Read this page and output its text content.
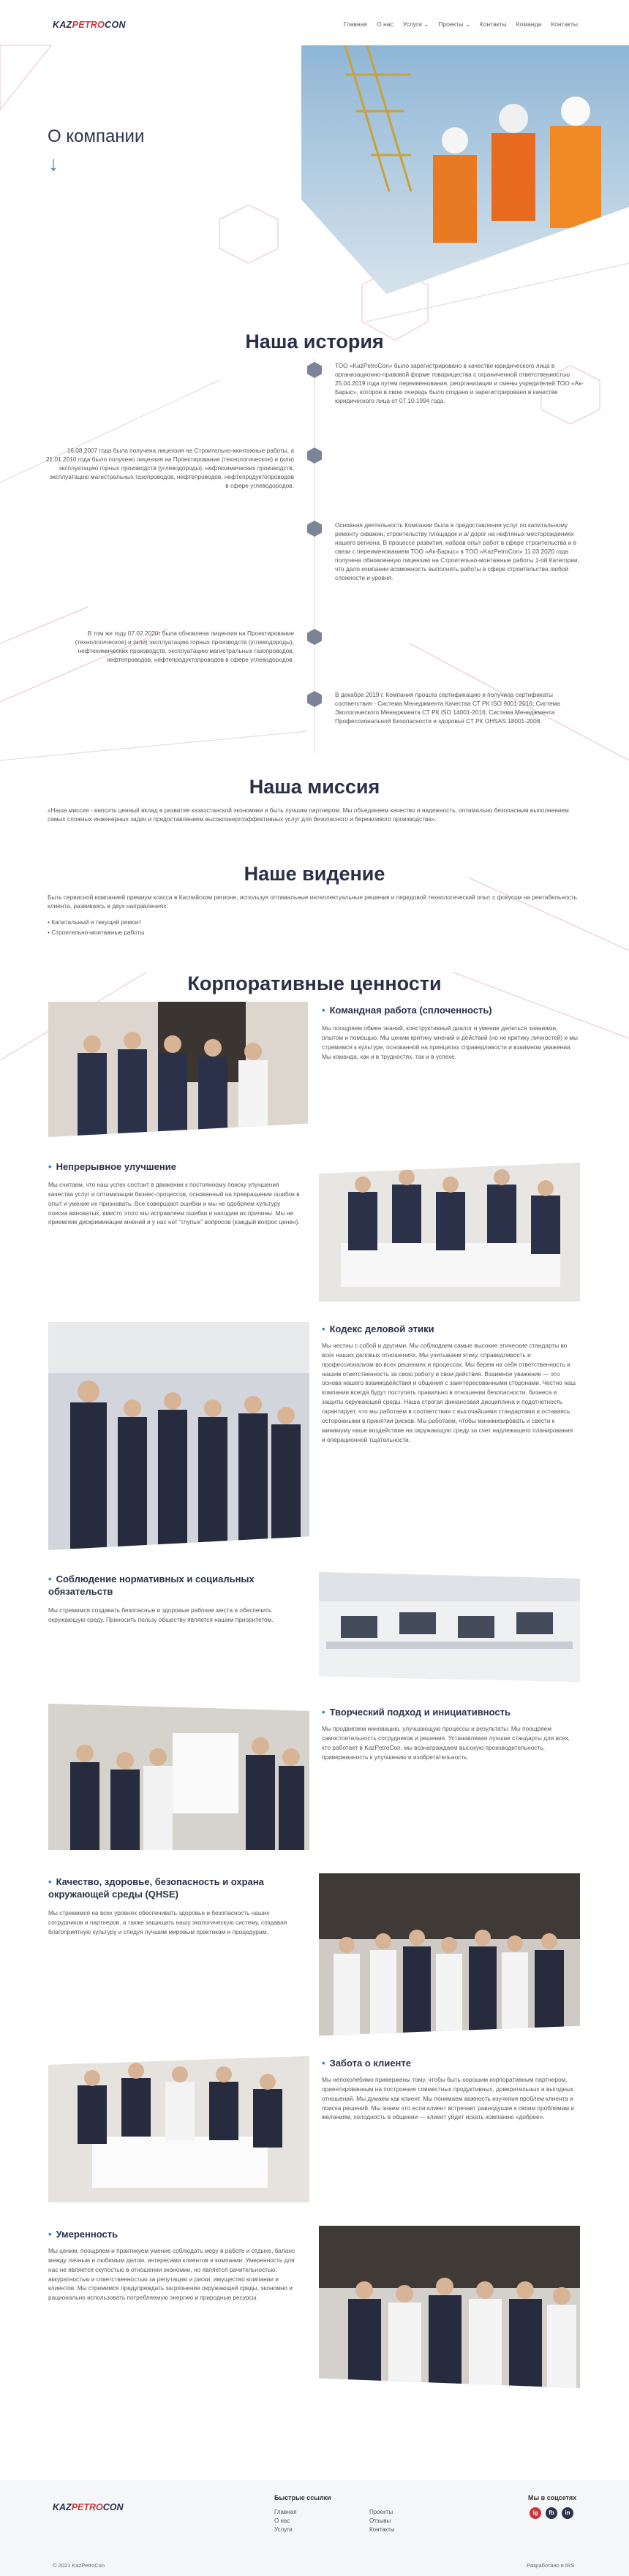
KAZPETROCON	Главная О нас Услуги ⌄ Проекты ⌄ Контакты Команда Контакты
О компании
↓
Наша история

ТОО «KazPetroCon» было зарегистрировано в качестве юридического лица в организационно-правовой форме товарищества с ограниченной ответственностью 25.04.2019 года путем переименования, реорганизации и смены учредителей ТОО «Ак-Барыс», которое в свою очередь было создано и зарегистрировано в качестве юридического лица от 07.10.1994 года.

16.08.2007 года была получена лицензия на Строительно-монтажные работы, а 21.01.2010 года было получено лицензия на Проектирование (технологическое) и (или) эксплуатацию горных производств (углеводороды), нефтехимических производств, эксплуатацию магистральных газопроводов, нефтепроводов, нефтепродуктопроводов в сфере углеводородов.

Основная деятельность Компании была в предоставлении услуг по капитальному ремонту скважин, строительству площадок и а/ дорог на нефтяных месторождениях нашего региона. В процессе развития, набрав опыт работ в сфере строительства и в связи с переименованием ТОО «Ак-Барыс» в ТОО «KazPetroCon» 11.03.2020 года получена обновленную лицензию на Строительно-монтажные работы 1-ой Категории, что дало компании возможность выполнять работы в сфере строительства любой сложности и уровня.

В том же году 07.02.2020г была обновлена лицензия на Проектирование (технологическое) и (или) эксплуатацию горных производств (углеводороды), нефтехимических производств, эксплуатацию магистральных газопроводов, нефтепроводов, нефтепродуктопроводов в сфере углеводородов.

В декабре 2019 г. Компания прошла сертификацию и получила сертификаты соответствия - Система Менеджмента Качества СТ РК ISO 9001-2016; Система Экологического Менеджмента СТ РК ISO 14001-2016; Система Менеджмента Профессиональной Безопасности и здоровья СТ РК OHSAS 18001-2008.

Наша миссия

«Наша миссия - вносить ценный вклад в развитие казахстанской экономики и быть лучшим партнером. Мы объединяем качество и надежность, оптимально безопасным выполнением самых сложных инженерных задач и предоставлением высокоэнергоэффективных услуг для безопасного и бережливого производства».

Наше видение

Быть сервисной компанией премиум класса в Каспийском регионе, используя оптимальные интеллектуальные решения и передовой технологический опыт с фокусом на рентабельность клиента, развиваясь в двух направлениях:

• Капитальный и текущий ремонт
• Строительно-монтажные работы
Корпоративные ценности
• Командная работа (сплоченность)

Мы поощряем обмен знаний, конструктивный диалог и умение делиться знаниями, опытом и помощью. Мы ценим критику мнений и действий (но не критику личностей) и мы стремимся к культуре, основанной на принципах справедливости и взаимном уважении. Мы команда, как и в трудностях, так и в успехе.

• Непрерывное улучшение

Мы считаем, что наш успех состоит в движении к постоянному поиску улучшения качества услуг и оптимизации бизнес-процессов, основанный на превращении ошибок в опыт и умение их признавать. Все совершают ошибки и мы не одобряем культуру поиска виноватых, вместо этого мы исправляем ошибки и находим их причины. Мы не приемлем дискриминации мнений и у нас нет "глупых" вопросов (каждый вопрос ценен).

• Кодекс деловой этики

Мы честны с собой и другими. Мы соблюдаем самые высокие этические стандарты во всех наших деловых отношениях. Мы учитываем этику, справедливость и профессионализм во всех решениях и процессах. Мы берем на себя ответственность и нашим ответственность за свою работу и свои действия. Взаимное уважение — это основа нашего взаимодействия и общения с заинтересованными сторонами. Честно наш компании всегда будут поступать правильно в отношении безопасности, бизнеса и защиты окружающей среды. Наша строгая финансовая дисциплина и подотчетность гарантирует, что мы работаем в соответствии с высочайшими стандартами и оставаясь осторожными в принятии рисков. Мы работаем, чтобы минимизировать и свести к минимуму наше воздействие на окружающую среду за счет надлежащего планирования и операционной тщательности.

• Соблюдение нормативных и социальных обязательств

Мы стремимся создавать безопасные и здоровые рабочие места и обеспечить окружающую среду. Приносить пользу обществу является нашим приоритетом.

• Творческий подход и инициативность

Мы продвигаем инновацию, улучшающую процессы и результаты. Мы поощряем самостоятельность сотрудников и решения. Устанавливая лучшие стандарты для всех, кто работает в KazPetroCon, мы вознаграждаем высокую производительность, приверженность к улучшению и изобретательность.

• Качество, здоровье, безопасность и охрана окружающей среды (QHSE)

Мы стремимся на всех уровнях обеспечивать здоровье и безопасность наших сотрудников и партнеров, а также защищать нашу экологическую систему, создавая благоприятную культуру и следуя лучшим мировым практикам и процедурам.

• Забота о клиенте

Мы непоколебимо привержены тому, чтобы быть хорошим корпоративным партнером, ориентированным на построение совместных продуктивных, доверительных и выгодных отношений. Мы думаем как клиент. Мы понимаем важность изучения проблем клиента и поиска решений. Мы знаем что если клиент встречает равнодушие к своим проблемам и желаниям, холодность в общении — клиент уйдет искать компанию «добрее».

• Умеренность

Мы ценим, поощряем и практикуем умение соблюдать меру в работе и отдыхе, баланс между личным и любимым делом, интересами клиентов и компании. Умеренность для нас не является скупостью в отношении экономии, но является рачительностью, аккуратностью и ответственностью за репутацию и риски, имущество компании и клиентов. Мы стремимся предупреждать загрязнение окружающей среды, экономно и рационально использовать потребляемую энергию и природные ресурсы.

KAZPETROCON
Быстрые ссылки
Главная
О нас
Услуги
Проекты
Отзывы
Контакты
Мы в соцсетях
ig	fb	in
© 2021 KazPetroCon	Разработано в IRS
